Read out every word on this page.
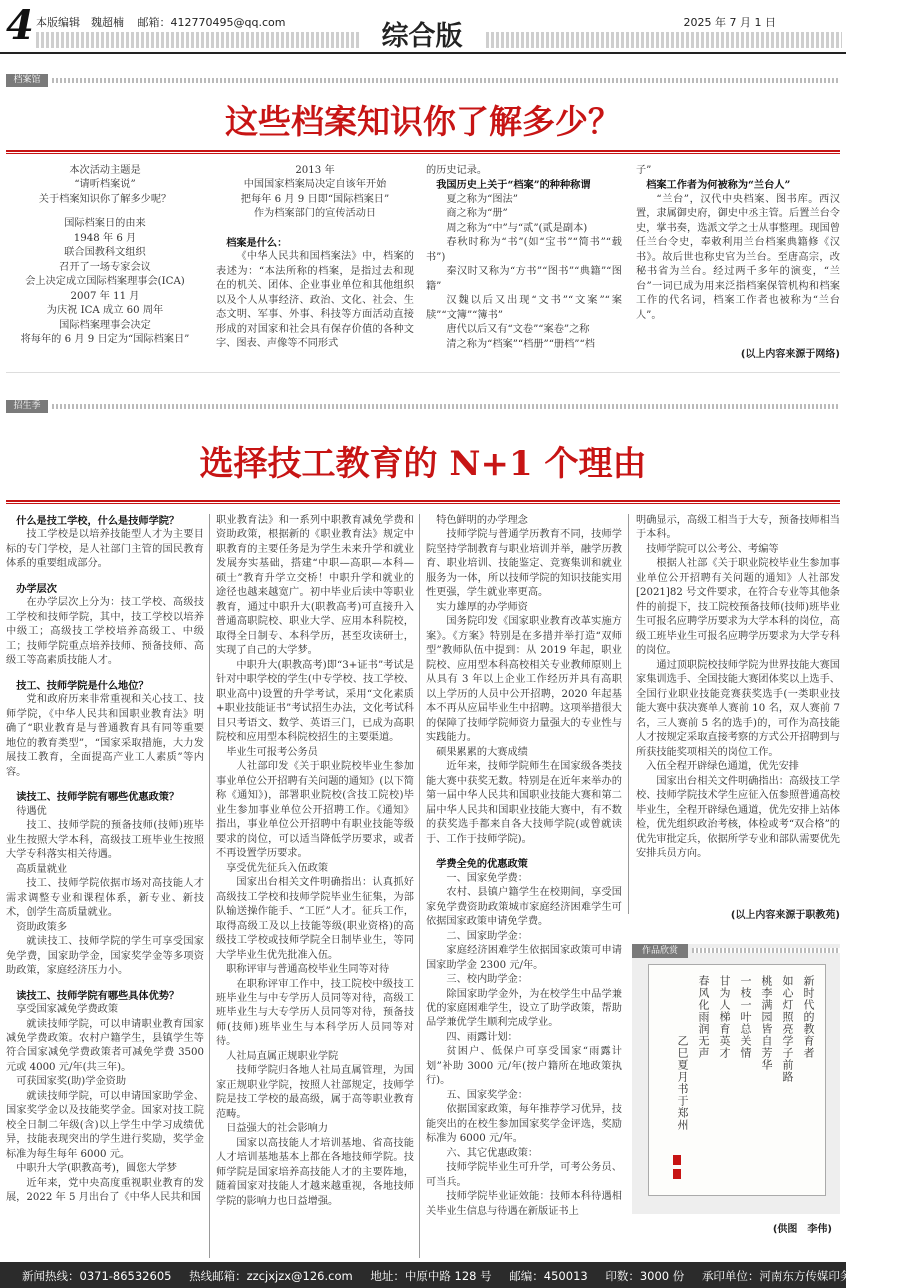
4 本版编辑　魏超楠 邮箱：412770495@qq.com	2025 年 7 月 1 日
综合版
档案馆
这些档案知识你了解多少？

本次活动主题是

“请听档案说”

关于档案知识你了解多少呢？

国际档案日的由来

1948 年 6 月

联合国教科文组织

召开了一场专家会议

会上决定成立国际档案理事会(ICA)

2007 年 11 月

为庆祝 ICA 成立 60 周年

国际档案理事会决定

将每年的 6 月 9 日定为“国际档案日”

2013 年

中国国家档案局决定自该年开始

把每年 6 月 9 日即“国际档案日”

作为档案部门的宣传活动日

档案是什么：

《中华人民共和国档案法》中，档案的表述为：“本法所称的档案，是指过去和现在的机关、团体、企业事业单位和其他组织以及个人从事经济、政治、文化、社会、生态文明、军事、外事、科技等方面活动直接形成的对国家和社会具有保存价值的各种文字、图表、声像等不同形式

的历史记录。

我国历史上关于“档案”的种种称谓

夏之称为“图法”

商之称为“册”

周之称为“中”与“贰”(贰是副本)

春秋时称为“书”(如“宝书”“简书”“载书”)

秦汉时又称为“方书”“图书”“典籍”“图籍”

汉魏以后又出现“文书”“文案”“案牍”“文簿”“簿书”

唐代以后又有“文卷”“案卷”之称

清之称为“档案”“档册”“册档”“档

子”

档案工作者为何被称为“兰台人”

“兰台”，汉代中央档案、图书库。西汉置，隶属御史府，御史中丞主管。后置兰台令史，掌书奏，选派文学之士从事整理。现国曾任兰台令史，奉敕利用兰台档案典籍修《汉书》。故后世也称史官为兰台。至唐高宗，改秘书省为兰台。经过两千多年的演变，“兰台”一词已成为用来泛指档案保管机构和档案工作的代名词，档案工作者也被称为“兰台人”。

(以上内容来源于网络)
招生季
选择技工教育的 N+1 个理由

什么是技工学校，什么是技师学院？

技工学校是以培养技能型人才为主要目标的专门学校，是人社部门主管的国民教育体系的重要组成部分。

办学层次

在办学层次上分为：技工学校、高级技工学校和技师学院，其中，技工学校以培养中级工；高级技工学校培养高级工、中级工；技师学院重点培养技师、预备技师、高级工等高素质技能人才。

技工、技师学院是什么地位？

党和政府历来非常重视和关心技工、技师学院，《中华人民共和国职业教育法》明确了“职业教育是与普通教育具有同等重要地位的教育类型”，“国家采取措施，大力发展技工教育，全面提高产业工人素质”等内容。

读技工、技师学院有哪些优惠政策？

待遇优

技工、技师学院的预备技师(技师)班毕业生按照大学本科，高级技工班毕业生按照大学专科落实相关待遇。

高质量就业

技工、技师学院依据市场对高技能人才需求调整专业和课程体系，新专业、新技术，创学生高质量就业。

资助政策多

就读技工、技师学院的学生可享受国家免学费，国家助学金，国家奖学金等多项资助政策，家庭经济压力小。

读技工、技师学院有哪些具体优势？

享受国家减免学费政策

就读技师学院，可以申请职业教育国家减免学费政策。农村户籍学生，县镇学生等符合国家减免学费政策者可减免学费 3500 元或 4000 元/年(共三年)。

可获国家奖(助)学金资助

就读技师学院，可以申请国家助学金、国家奖学金以及技能奖学金。国家对技工院校全日制二年级(含)以上学生中学习成绩优异，技能表现突出的学生进行奖励，奖学金标准为每生每年 6000 元。

中职升大学(职教高考)，圆您大学梦

近年来，党中央高度重视职业教育的发展，2022 年 5 月出台了《中华人民共和国

职业教育法》和一系列中职教育减免学费和资助政策，根据新的《职业教育法》规定中职教育的主要任务是为学生未来升学和就业发展夯实基础，搭建“中职—高职—本科—硕士”教育升学立交桥！中职升学和就业的途径也越来越宽广。初中毕业后读中等职业教育，通过中职升大(职教高考)可直接升入普通高职院校、职业大学、应用本科院校，取得全日制专、本科学历，甚至攻读研士，实现了自己的大学梦。

中职升大(职教高考)即“3+证书”考试是针对中职学校的学生(中专学校、技工学校、职业高中)设置的升学考试，采用“文化素质+职业技能证书”考试招生办法，文化考试科目只考语文、数学、英语三门，已成为高职院校和应用型本科院校招生的主要渠道。

毕业生可报考公务员

人社部印发《关于职业院校毕业生参加事业单位公开招聘有关问题的通知》(以下简称《通知》)，部署职业院校(含技工院校)毕业生参加事业单位公开招聘工作。《通知》指出，事业单位公开招聘中有职业技能等级要求的岗位，可以适当降低学历要求，或者不再设置学历要求。

享受优先征兵入伍政策

国家出台相关文件明确指出：认真抓好高级技工学校和技师学院毕业生征集，为部队输送操作能手、“工匠”人才。征兵工作，取得高级工及以上技能等级(职业资格)的高级技工学校或技师学院全日制毕业生，等同大学毕业生优先批准入伍。

职称评审与普通高校毕业生同等对待

在职称评审工作中，技工院校中级技工班毕业生与中专学历人员同等对待，高级工班毕业生与大专学历人员同等对待，预备技师(技师)班毕业生与本科学历人员同等对待。

人社局直属正规职业学院

技师学院归各地人社局直属管理，为国家正规职业学院，按照人社部规定，技师学院是技工学校的最高级，属于高等职业教育范畴。

日益强大的社会影响力

国家以高技能人才培训基地、省高技能人才培训基地基本上都在各地技师学院。技师学院是国家培养高技能人才的主要阵地，随着国家对技能人才越来越重视，各地技师学院的影响力也日益增强。

特色鲜明的办学理念

技师学院与普通学历教育不同，技师学院坚持学制教育与职业培训并举，融学历教育、职业培训、技能鉴定、竞赛集训和就业服务为一体，所以技师学院的知识技能实用性更强，学生就业率更高。

实力雄厚的办学师资

国务院印发《国家职业教育改革实施方案》。《方案》特别是在多措并举打造“双师型”教师队伍中提到：从 2019 年起，职业院校、应用型本科高校相关专业教师原则上从具有 3 年以上企业工作经历并具有高职以上学历的人员中公开招聘，2020 年起基本不再从应届毕业生中招聘。这项举措很大的保障了技师学院师资力量强大的专业性与实践能力。

硕果累累的大赛成绩

近年来，技师学院师生在国家级各类技能大赛中获奖无数。特别是在近年来举办的第一届中华人民共和国职业技能大赛和第二届中华人民共和国职业技能大赛中，有不数的获奖选手都来自各大技师学院(或曾就读于、工作于技师学院)。

学费全免的优惠政策

一、国家免学费：

农村、县镇户籍学生在校期间，享受国家免学费资助政策城市家庭经济困难学生可依据国家政策申请免学费。

二、国家助学金：

家庭经济困难学生依据国家政策可申请国家助学金 2300 元/年。

三、校内助学金：

除国家助学金外，为在校学生中品学兼优的家庭困难学生，设立了助学政策，帮助品学兼优学生顺利完成学业。

四、雨露计划：

贫困户、低保户可享受国家“雨露计划”补助 3000 元/年(按户籍所在地政策执行)。

五、国家奖学金：

依据国家政策，每年推荐学习优异，技能突出的在校生参加国家奖学金评选，奖励标准为 6000 元/年。

六、其它优惠政策：

技师学院毕业生可升学，可考公务员、可当兵。

技师学院毕业证效能：技师本科待遇相关毕业生信息与待遇在新版证书上

明确显示，高级工相当于大专，预备技师相当于本科。

技师学院可以公考公、考编等

根据人社部《关于职业院校毕业生参加事业单位公开招聘有关问题的通知》人社部发[2021]82 号文件要求，在符合专业等其他条件的前提下，技工院校预备技师(技师)班毕业生可报名应聘学历要求为大学本科的岗位，高级工班毕业生可报名应聘学历要求为大学专科的岗位。

通过顶职院校技师学院为世界技能大赛国家集训选手、全国技能大赛团体奖以上选手、全国行业职业技能竞赛获奖选手(一类职业技能大赛中获决赛单人赛前 10 名，双人赛前 7 名，三人赛前 5 名的选手)的，可作为高技能人才按规定采取直接考察的方式公开招聘到与所获技能奖项相关的岗位工作。

入伍全程开辟绿色通道，优先安排

国家出台相关文件明确指出：高级技工学校、技师学院技术学生应征入伍参照普通高校毕业生，全程开辟绿色通道，优先安排上站体检，优先组织政治考核，体检或考“双合格”的优先审批定兵，依据所学专业和部队需要优先安排兵员方向。

(以上内容来源于职教苑)
作品欣赏
新时代的教育者
如心灯照亮学子前路
桃李满园皆自芳华
一枝一叶总关情
甘为人梯育英才
春风化雨润无声
乙巳夏月书于郑州
(供图　李伟)
新闻热线：0371-86532605 热线邮箱：zzcjxjzx@126.com 地址：中原中路 128 号 邮编：450013 印数：3000 份 承印单位：河南东方传媒印务有限公司
